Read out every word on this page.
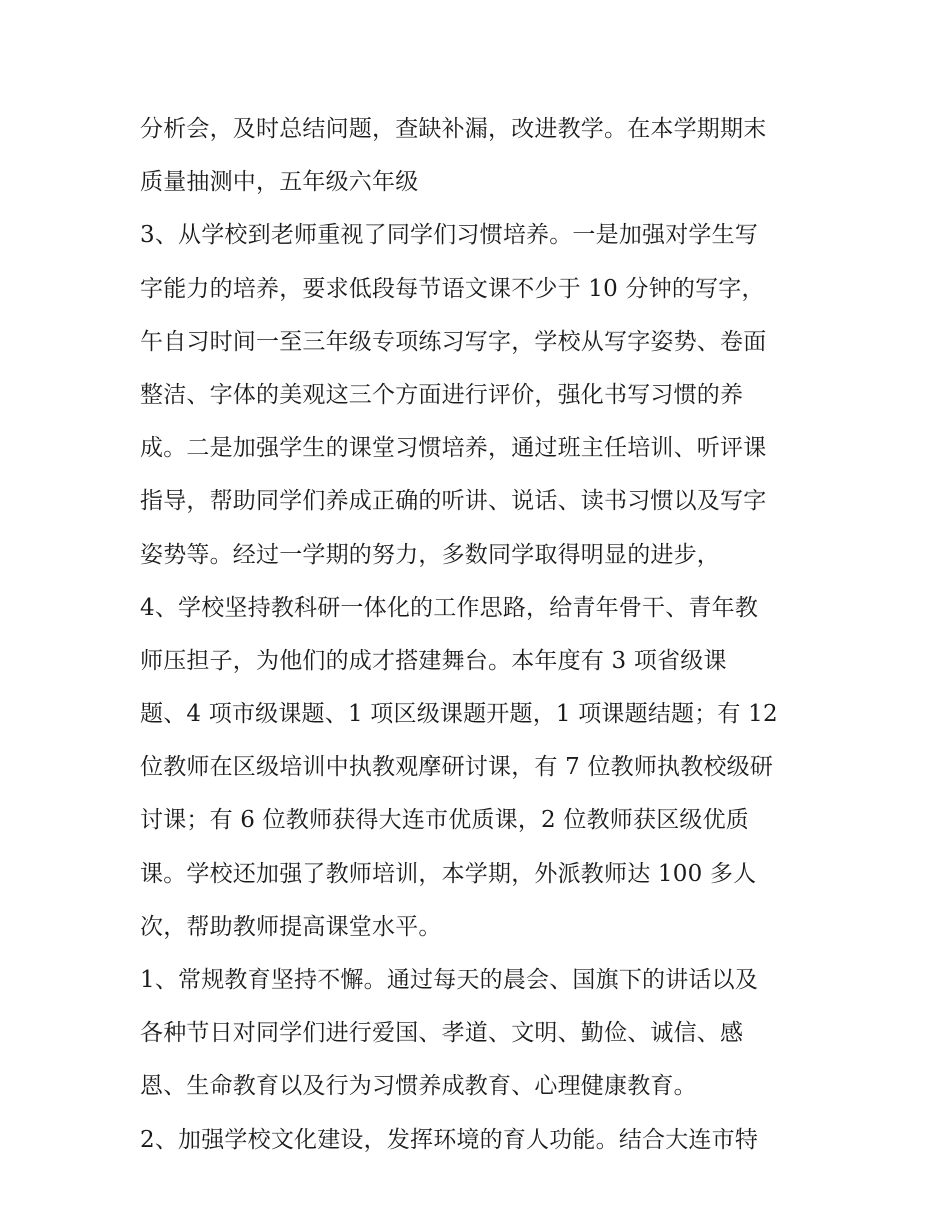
分析会，及时总结问题，查缺补漏，改进教学。在本学期期末
质量抽测中，五年级六年级
3、从学校到老师重视了同学们习惯培养。一是加强对学生写
字能力的培养，要求低段每节语文课不少于 10 分钟的写字，
午自习时间一至三年级专项练习写字，学校从写字姿势、卷面
整洁、字体的美观这三个方面进行评价，强化书写习惯的养
成。二是加强学生的课堂习惯培养，通过班主任培训、听评课
指导，帮助同学们养成正确的听讲、说话、读书习惯以及写字
姿势等。经过一学期的努力，多数同学取得明显的进步，
4、学校坚持教科研一体化的工作思路，给青年骨干、青年教
师压担子，为他们的成才搭建舞台。本年度有 3 项省级课
题、4 项市级课题、1 项区级课题开题，1 项课题结题；有 12
位教师在区级培训中执教观摩研讨课，有 7 位教师执教校级研
讨课；有 6 位教师获得大连市优质课，2 位教师获区级优质
课。学校还加强了教师培训，本学期，外派教师达 100 多人
次，帮助教师提高课堂水平。
1、常规教育坚持不懈。通过每天的晨会、国旗下的讲话以及
各种节日对同学们进行爱国、孝道、文明、勤俭、诚信、感
恩、生命教育以及行为习惯养成教育、心理健康教育。
2、加强学校文化建设，发挥环境的育人功能。结合大连市特
